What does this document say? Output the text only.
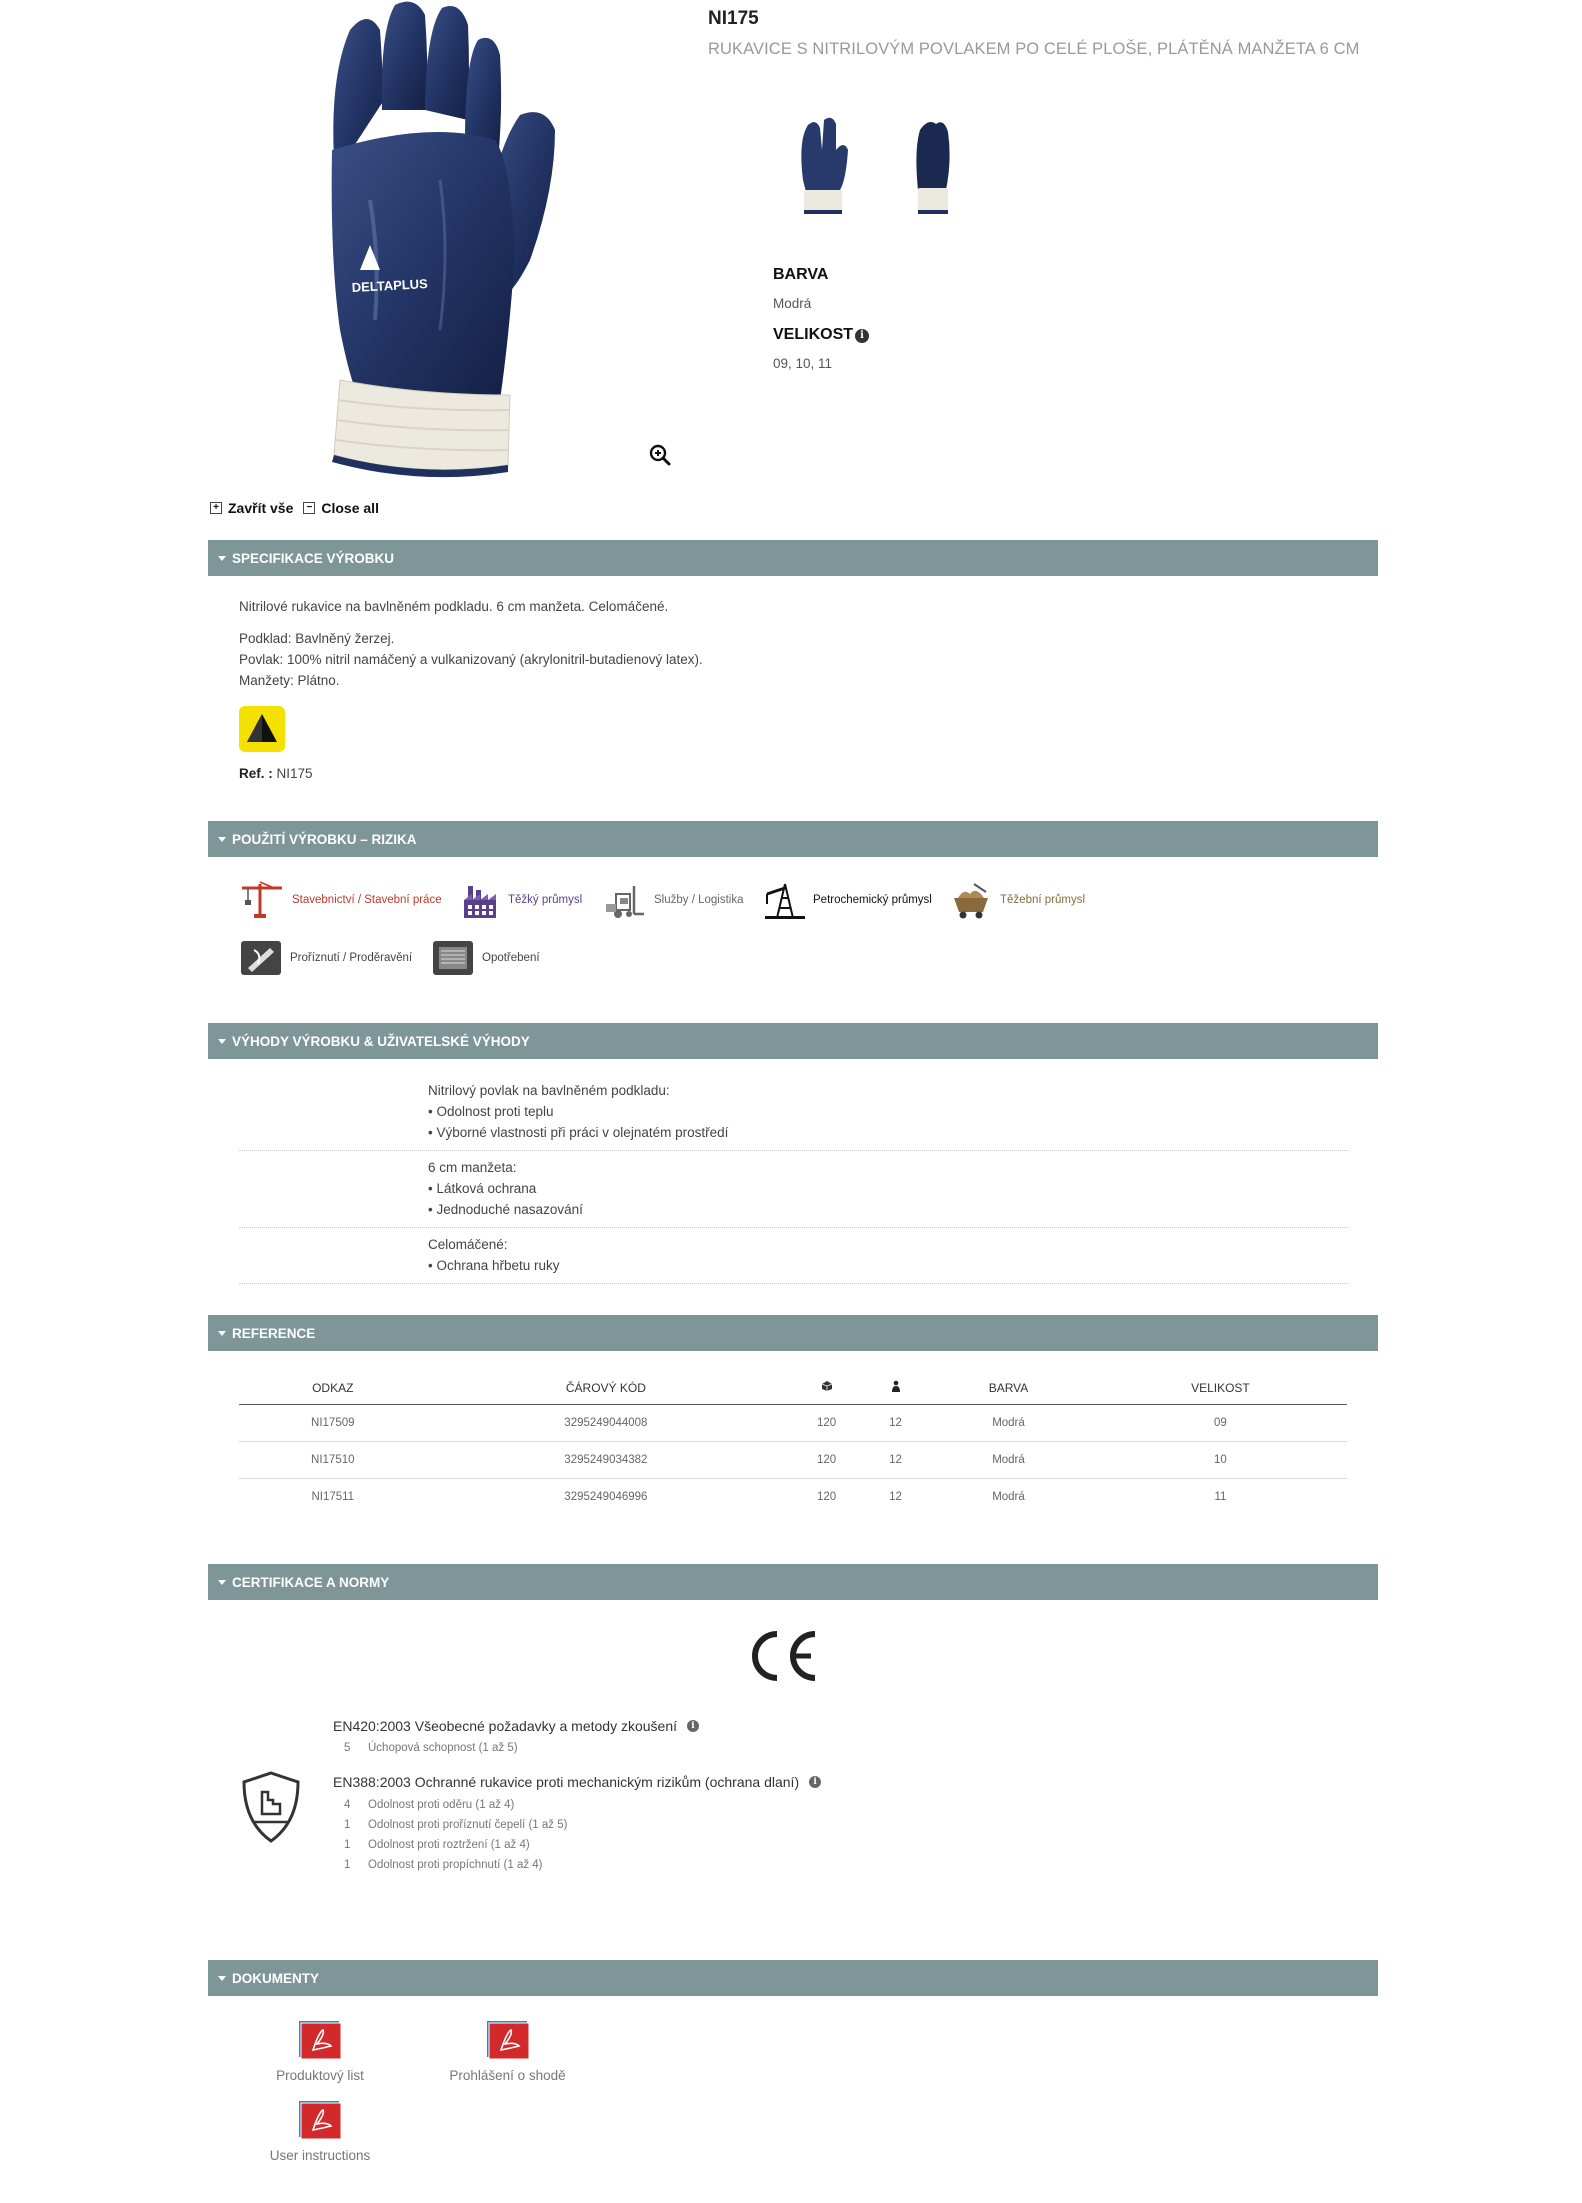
DELTAPLUS
NI175
RUKAVICE S NITRILOVÝM POVLAKEM PO CELÉ PLOŠE, PLÁTĚNÁ MANŽETA 6 CM
BARVA
Modrá
VELIKOST i
09, 10, 11
+ Zavřít vše	− Close all
SPECIFIKACE VÝROBKU
Nitrilové rukavice na bavlněném podkladu. 6 cm manžeta. Celomáčené.
Podklad: Bavlněný žerzej.
Povlak: 100% nitril namáčený a vulkanizovaný (akrylonitril-butadienový latex).
Manžety: Plátno.
Ref. : NI175
POUŽITÍ VÝROBKU – RIZIKA
Stavebnictví / Stavební práce	Těžký průmysl	Služby / Logistika	Petrochemický průmysl	Těžební průmysl
Proříznutí / Proděravění	Opotřebení
VÝHODY VÝROBKU & UŽIVATELSKÉ VÝHODY
Nitrilový povlak na bavlněném podkladu:
• Odolnost proti teplu
• Výborné vlastnosti při práci v olejnatém prostředí
6 cm manžeta:
• Látková ochrana
• Jednoduché nasazování
Celomáčené:
• Ochrana hřbetu ruky
REFERENCE
ODKAZ	ČÁROVÝ KÓD			BARVA	VELIKOST
NI17509	3295249044008	120	12	Modrá	09
NI17510	3295249034382	120	12	Modrá	10
NI17511	3295249046996	120	12	Modrá	11
CERTIFIKACE A NORMY
EN420:2003 Všeobecné požadavky a metody zkoušení	i
5	Úchopová schopnost (1 až 5)
EN388:2003 Ochranné rukavice proti mechanickým rizikům (ochrana dlaní)	i
4	Odolnost proti oděru (1 až 4)
1	Odolnost proti proříznutí čepelí (1 až 5)
1	Odolnost proti roztržení (1 až 4)
1	Odolnost proti propíchnutí (1 až 4)
DOKUMENTY
Produktový list	Prohlášení o shodě
User instructions
